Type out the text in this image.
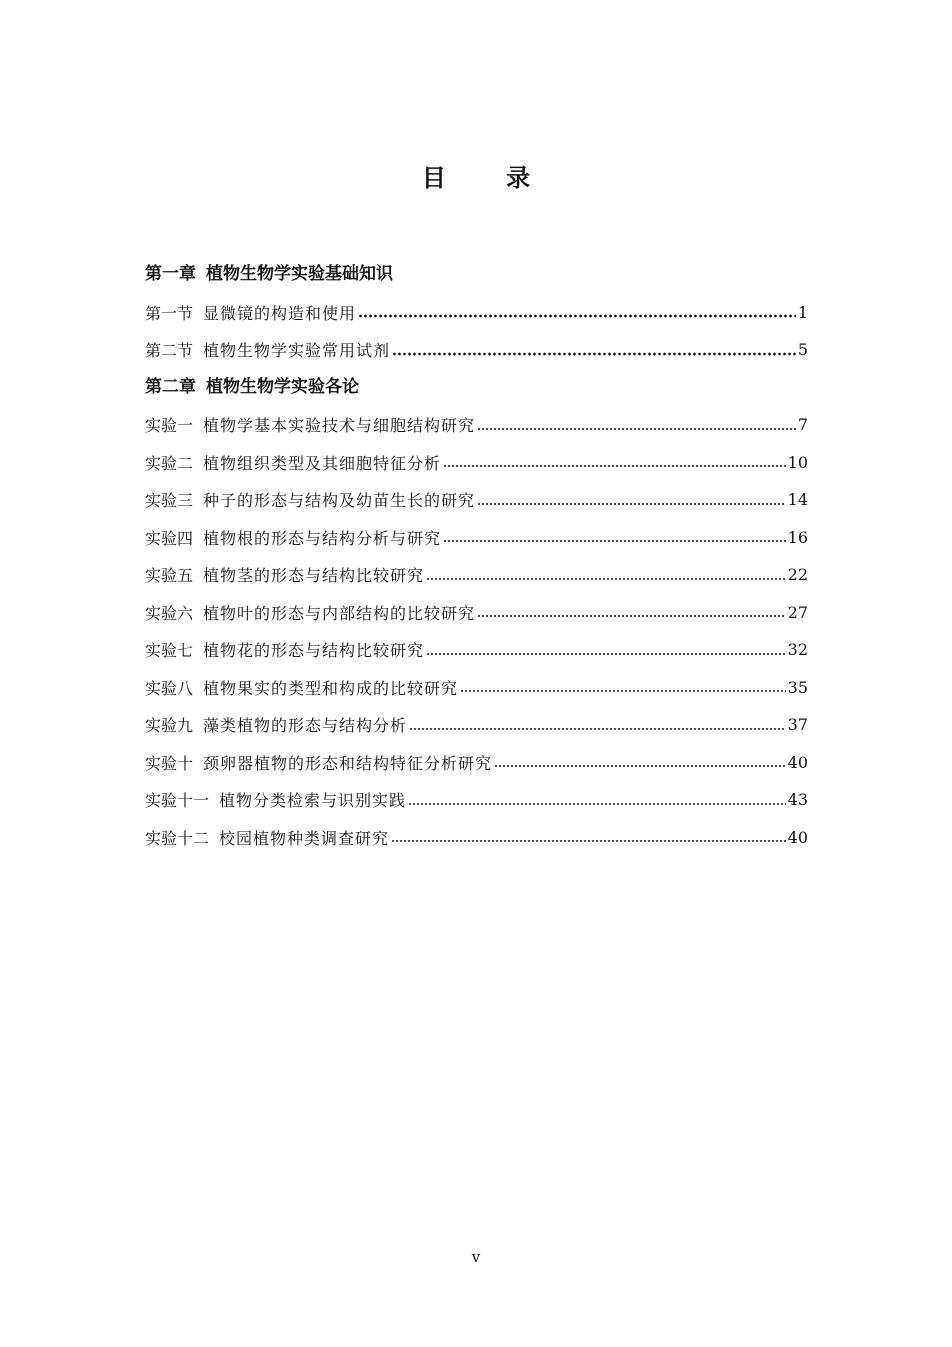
目 录
第一章 植物生物学实验基础知识
第一节 显微镜的构造和使用	1
第二节 植物生物学实验常用试剂	5
第二章 植物生物学实验各论
实验一 植物学基本实验技术与细胞结构研究	7
实验二 植物组织类型及其细胞特征分析	10
实验三 种子的形态与结构及幼苗生长的研究	14
实验四 植物根的形态与结构分析与研究	16
实验五 植物茎的形态与结构比较研究	22
实验六 植物叶的形态与内部结构的比较研究	27
实验七 植物花的形态与结构比较研究	32
实验八 植物果实的类型和构成的比较研究	35
实验九 藻类植物的形态与结构分析	37
实验十 颈卵器植物的形态和结构特征分析研究	40
实验十一 植物分类检索与识别实践	43
实验十二 校园植物种类调查研究	40
v
